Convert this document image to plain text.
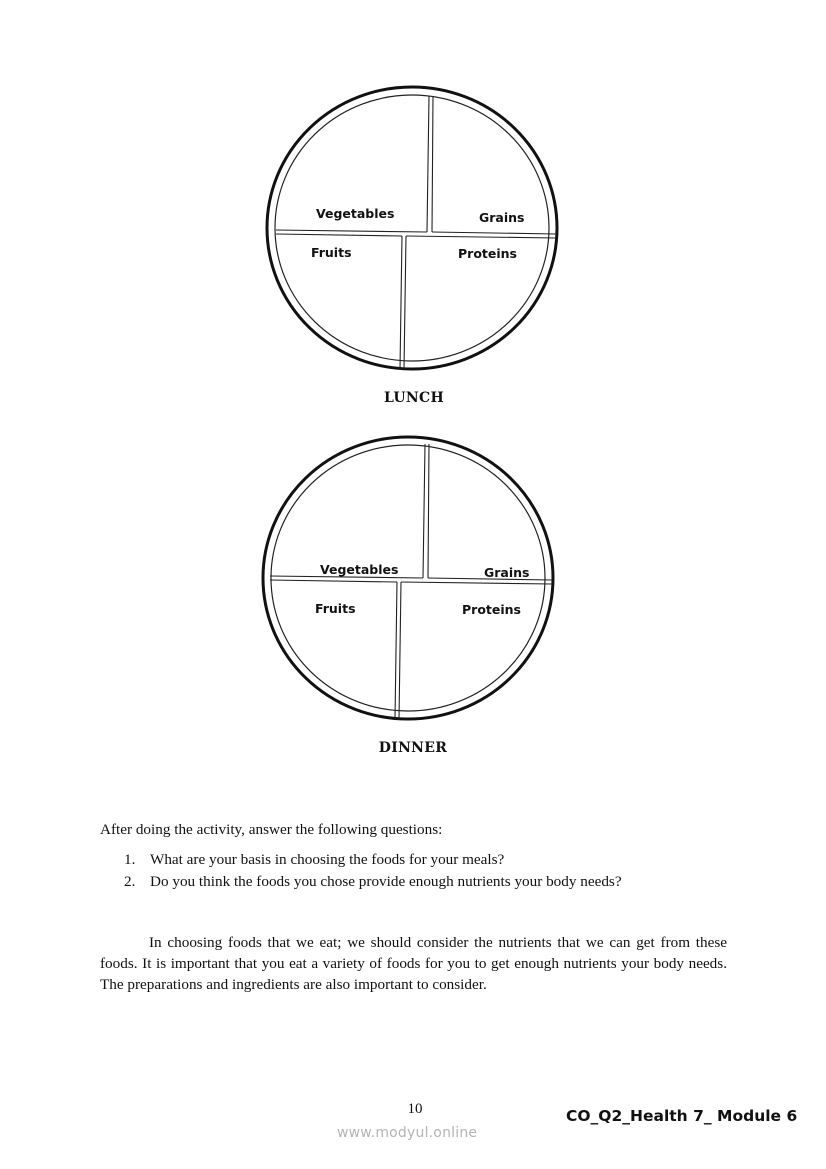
Vegetables	Grains
Fruits	Proteins
LUNCH
Vegetables	Grains
Fruits	Proteins
DINNER
After doing the activity, answer the following questions:
1. What are your basis in choosing the foods for your meals?
2. Do you think the foods you chose provide enough nutrients your body needs?

In choosing foods that we eat; we should consider the nutrients that we can get from these foods. It is important that you eat a variety of foods for you to get enough nutrients your body needs. The preparations and ingredients are also important to consider.

10	CO_Q2_Health 7_ Module 6
www.modyul.online
